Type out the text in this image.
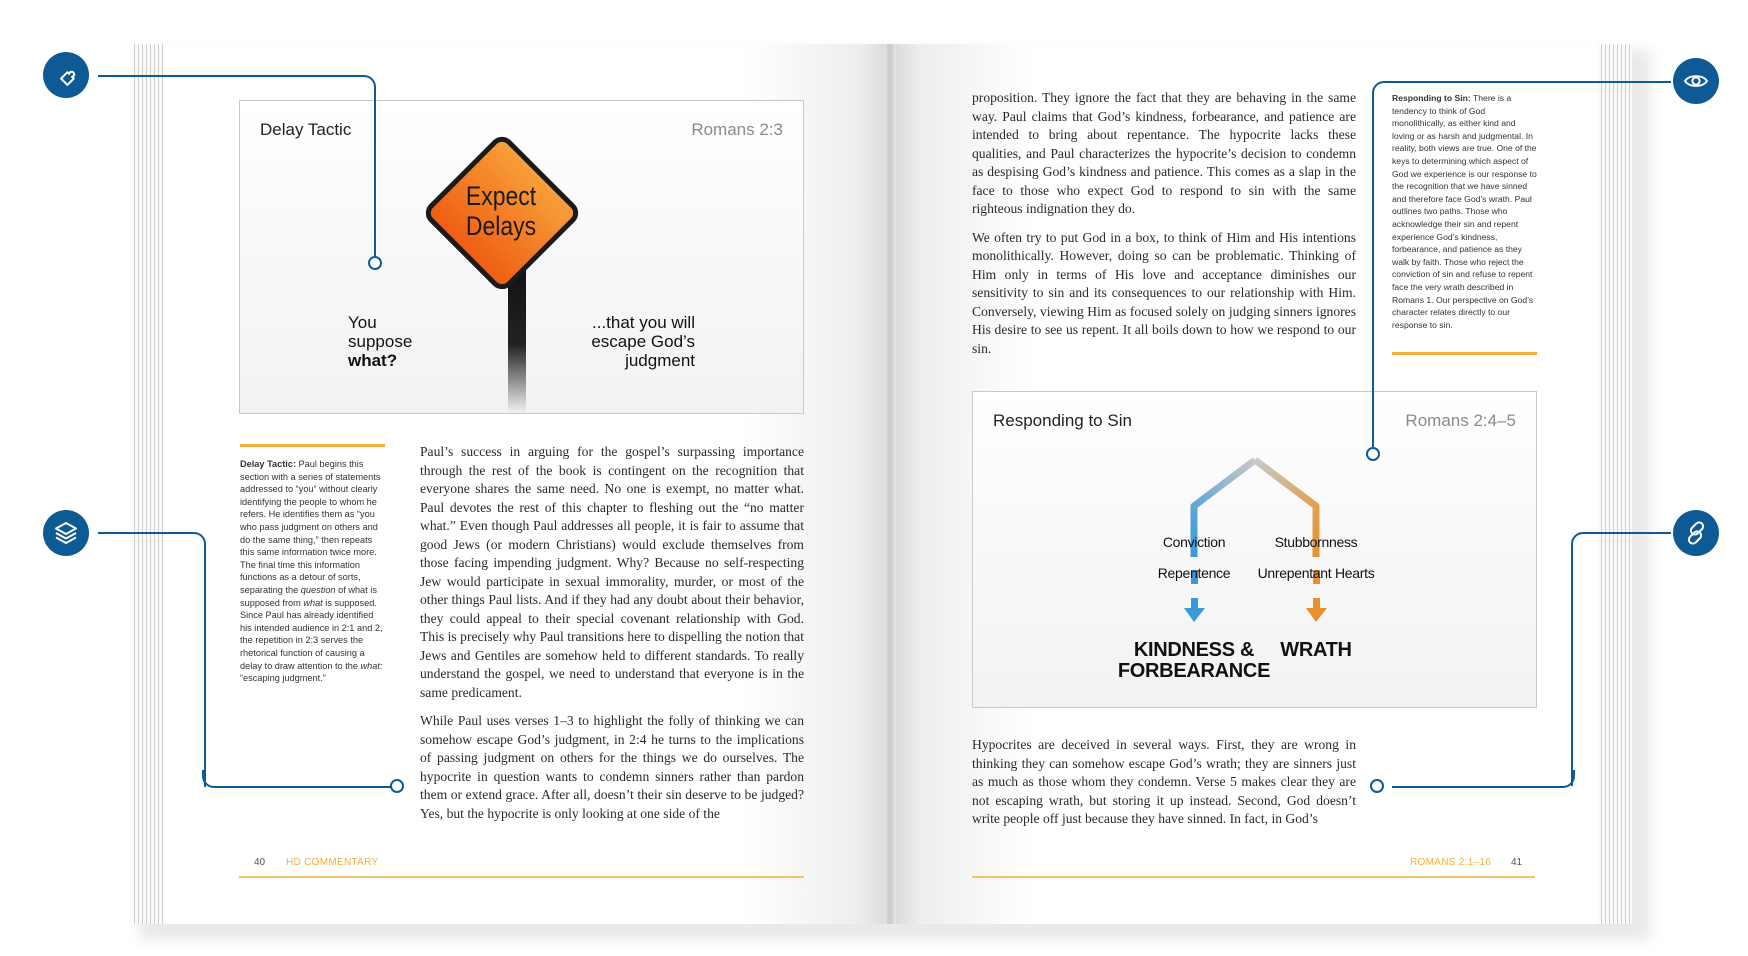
Delay Tactic	Romans 2:3
Expect
Delays
You
suppose
what?
...that you will
escape God’s
judgment
Delay Tactic: Paul begins this section with a series of statements addressed to “you” without clearly identifying the people to whom he refers. He identifies them as “you who pass judgment on others and do the same thing,” then repeats this same information twice more. The final time this information functions as a detour of sorts, separating the question of what is supposed from what is supposed. Since Paul has already identified his intended audience in 2:1 and 2, the repetition in 2:3 serves the rhetorical function of causing a delay to draw attention to the what: “escaping judgment.”

Paul’s success in arguing for the gospel’s surpassing importance through the rest of the book is contingent on the recognition that everyone shares the same need. No one is exempt, no matter what. Paul devotes the rest of this chapter to fleshing out the “no matter what.” Even though Paul addresses all people, it is fair to assume that good Jews (or modern Christians) would exclude themselves from those facing impending judgment. Why? Because no self-respecting Jew would participate in sexual immorality, murder, or most of the other things Paul lists. And if they had any doubt about their behavior, they could appeal to their special covenant relationship with God. This is precisely why Paul transitions here to dispelling the notion that Jews and Gentiles are somehow held to different standards. To really understand the gospel, we need to understand that everyone is in the same predicament.

While Paul uses verses 1–3 to highlight the folly of thinking we can somehow escape God’s judgment, in 2:4 he turns to the implications of passing judgment on others for the things we do ourselves. The hypocrite in question wants to condemn sinners rather than pardon them or extend grace. After all, doesn’t their sin deserve to be judged? Yes, but the hypocrite is only looking at one side of the

40 HD COMMENTARY

proposition. They ignore the fact that they are behaving in the same way. Paul claims that God’s kindness, forbearance, and patience are intended to bring about repentance. The hypocrite lacks these qualities, and Paul characterizes the hypocrite’s decision to condemn as despising God’s kindness and patience. This comes as a slap in the face to those who expect God to respond to sin with the same righteous indignation they do.

We often try to put God in a box, to think of Him and His intentions monolithically. However, doing so can be problematic. Thinking of Him only in terms of His love and acceptance diminishes our sensitivity to sin and its consequences to our relationship with Him. Conversely, viewing Him as focused solely on judging sinners ignores His desire to see us repent. It all boils down to how we respond to our sin.

Responding to Sin: There is a tendency to think of God monolithically, as either kind and loving or as harsh and judgmental. In reality, both views are true. One of the keys to determining which aspect of God we experience is our response to the recognition that we have sinned and therefore face God’s wrath. Paul outlines two paths. Those who acknowledge their sin and repent experience God’s kindness, forbearance, and patience as they walk by faith. Those who reject the conviction of sin and refuse to repent face the very wrath described in Romans 1. Our perspective on God’s character relates directly to our response to sin.
Responding to Sin	Romans 2:4–5
Conviction
Repentence
Stubbornness
Unrepentant Hearts
KINDNESS &
FORBEARANCE
WRATH

Hypocrites are deceived in several ways. First, they are wrong in thinking they can somehow escape God’s wrath; they are sinners just as much as those whom they condemn. Verse 5 makes clear they are not escaping wrath, but storing it up instead. Second, God doesn’t write people off just because they have sinned. In fact, in God’s

ROMANS 2:1–16 41
